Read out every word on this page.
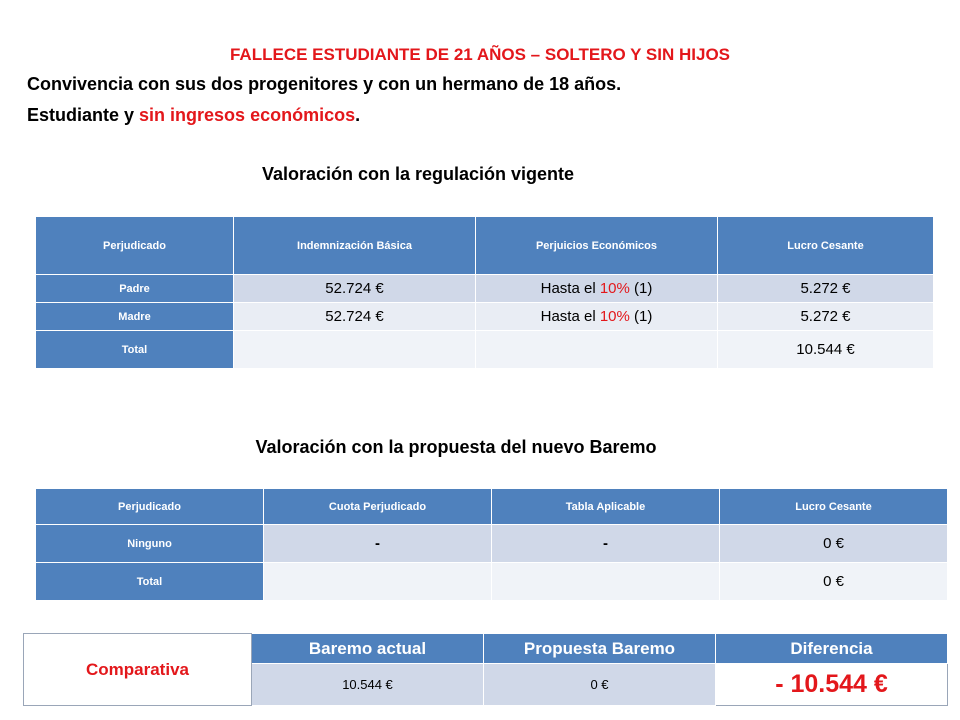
FALLECE ESTUDIANTE DE 21 AÑOS – SOLTERO Y SIN HIJOS
Convivencia con sus dos progenitores y con un hermano de 18 años.
Estudiante y sin ingresos económicos.
Valoración con la regulación vigente
Perjudicado	Indemnización Básica	Perjuicios Económicos	Lucro Cesante
Padre	52.724 €	Hasta el 10% (1)	5.272 €
Madre	52.724 €	Hasta el 10% (1)	5.272 €
Total			10.544 €
Valoración con la propuesta del nuevo Baremo
Perjudicado	Cuota Perjudicado	Tabla Aplicable	Lucro Cesante
Ninguno	-	-	0 €
Total			0 €
Comparativa	Baremo actual	Propuesta Baremo	Diferencia
	10.544 €	0 €	- 10.544 €
